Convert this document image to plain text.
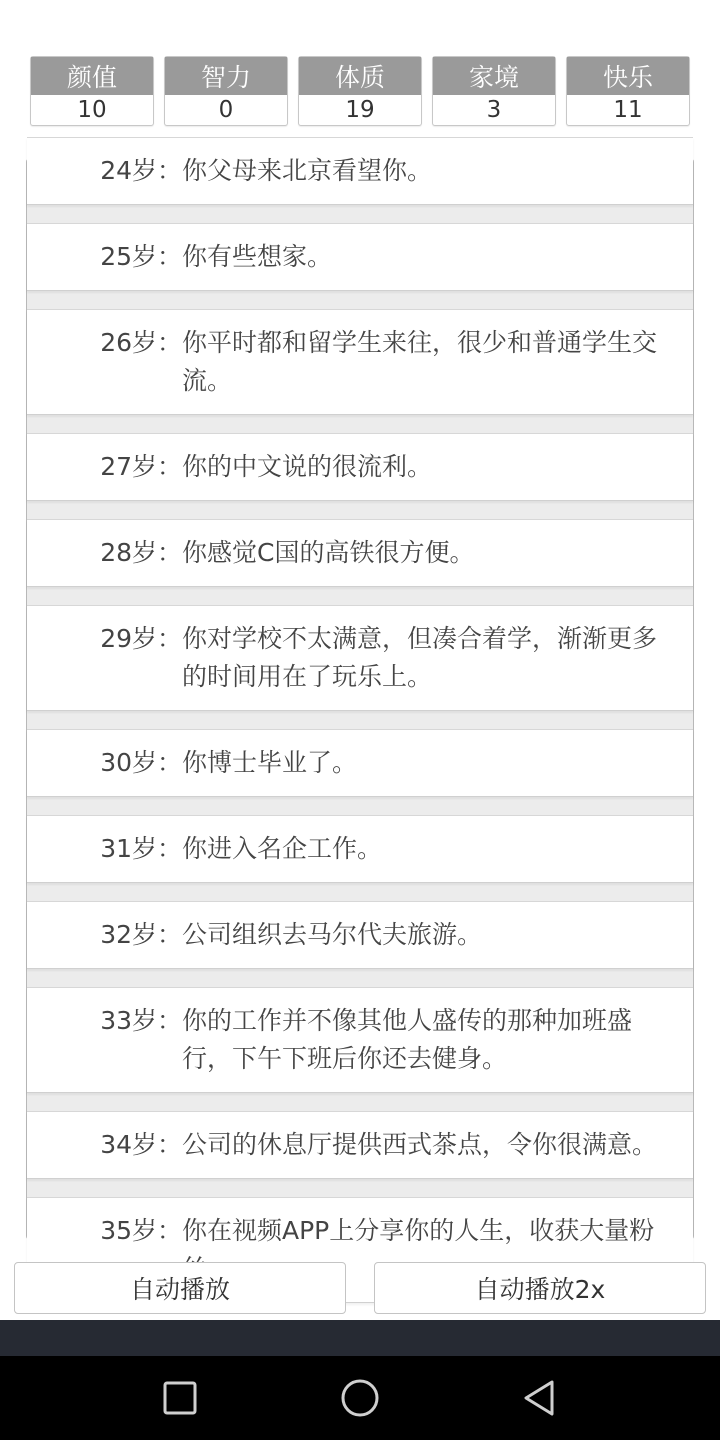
颜值
10
智力
0
体质
19
家境
3
快乐
11
24岁： 你父母来北京看望你。
25岁： 你有些想家。
26岁： 你平时都和留学生来往，很少和普通学生交流。
27岁： 你的中文说的很流利。
28岁： 你感觉C国的高铁很方便。
29岁： 你对学校不太满意，但凑合着学，渐渐更多的时间用在了玩乐上。
30岁： 你博士毕业了。
31岁： 你进入名企工作。
32岁： 公司组织去马尔代夫旅游。
33岁： 你的工作并不像其他人盛传的那种加班盛行，下午下班后你还去健身。
34岁： 公司的休息厅提供西式茶点，令你很满意。
35岁： 你在视频APP上分享你的人生，收获大量粉
自动播放	自动播放2x
